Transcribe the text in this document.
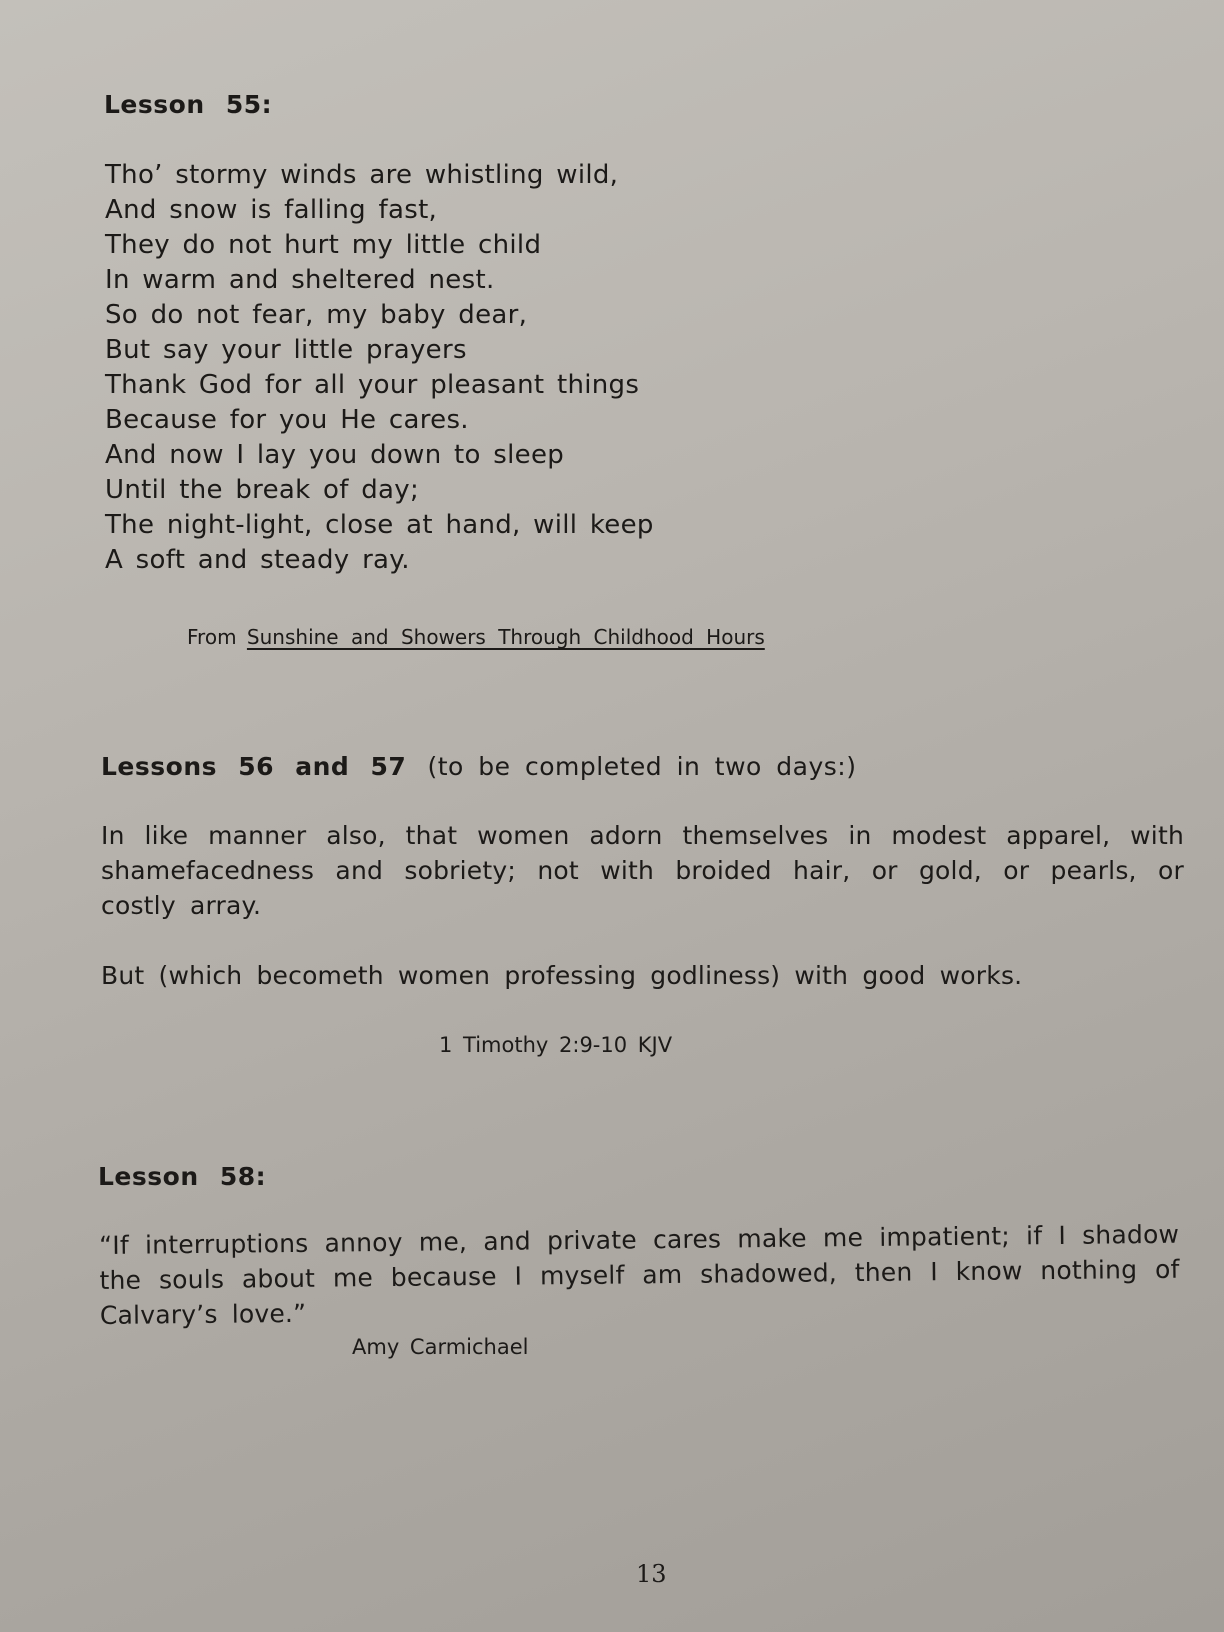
Lesson 55:
Tho’ stormy winds are whistling wild,
And snow is falling fast,
They do not hurt my little child
In warm and sheltered nest.
So do not fear, my baby dear,
But say your little prayers
Thank God for all your pleasant things
Because for you He cares.
And now I lay you down to sleep
Until the break of day;
The night-light, close at hand, will keep
A soft and steady ray.
From Sunshine and Showers Through Childhood Hours
Lessons 56 and 57 (to be completed in two days:)
In like manner also, that women adorn themselves in modest apparel, with shamefacedness and sobriety; not with broided hair, or gold, or pearls, or costly array.
But (which becometh women professing godliness) with good works.
1 Timothy 2:9-10 KJV
Lesson 58:
“If interruptions annoy me, and private cares make me impatient; if I shadow the souls about me because I myself am shadowed, then I know nothing of Calvary’s love.”
Amy Carmichael
13
